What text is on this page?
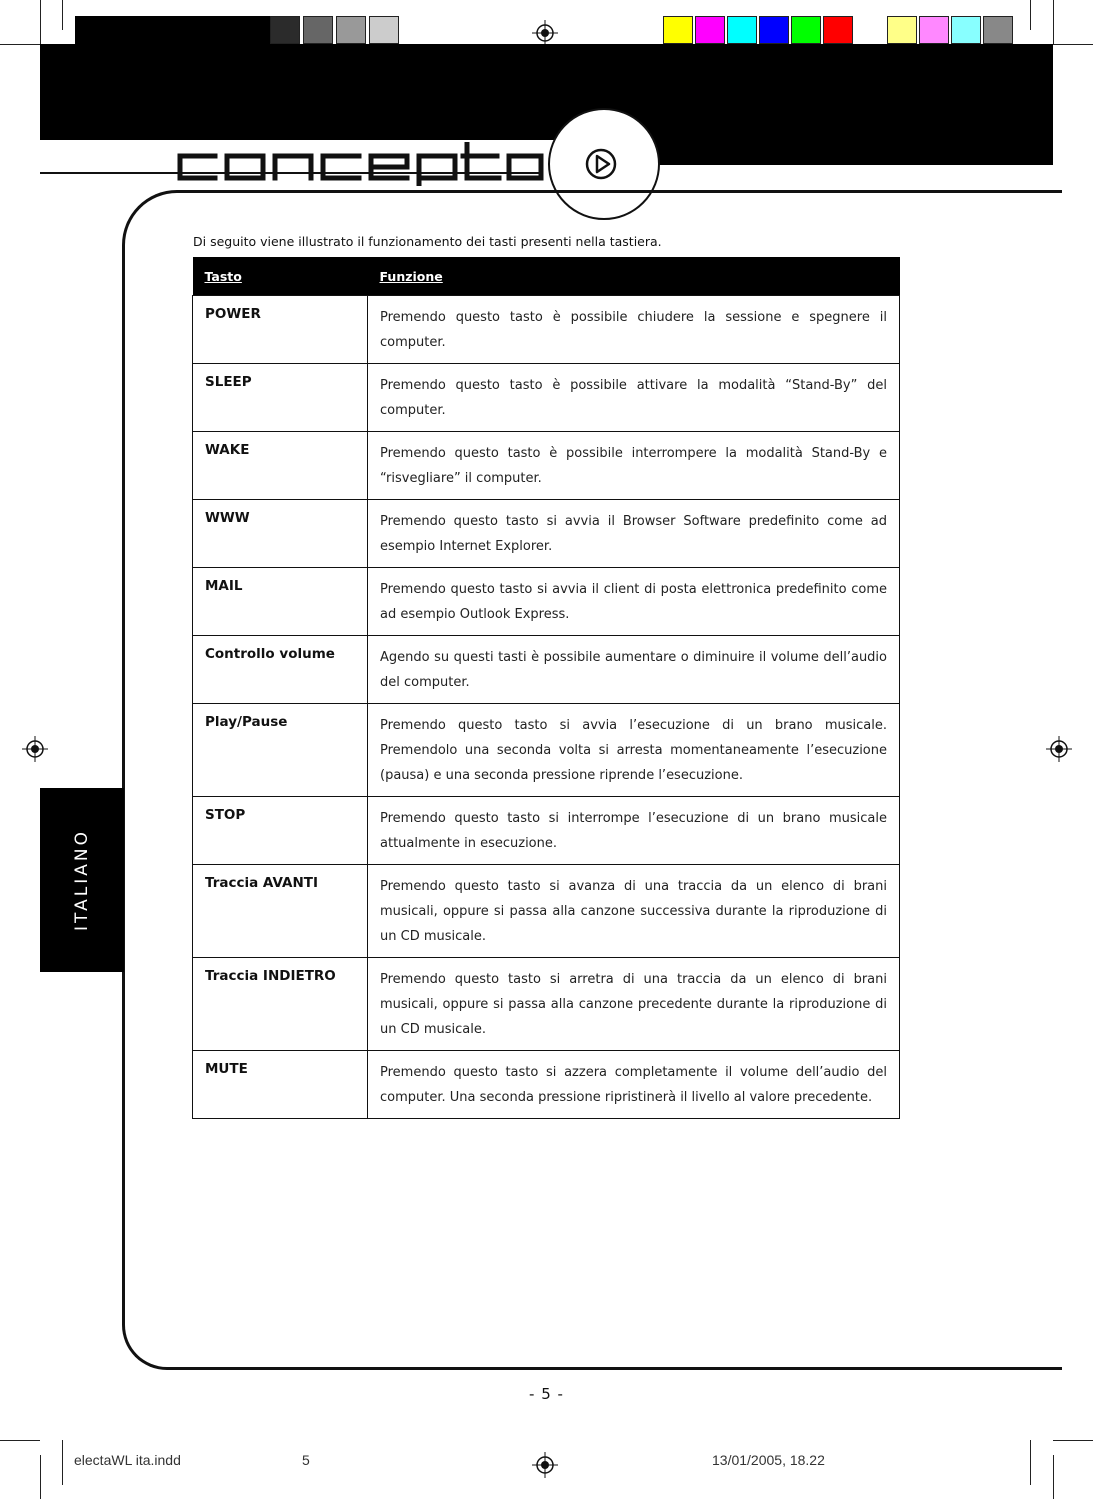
ITALIANO
Di seguito viene illustrato il funzionamento dei tasti presenti nella tastiera.
Tasto	Funzione
POWER	Premendo questo tasto è possibile chiudere la sessione e spegnere il computer.
SLEEP	Premendo questo tasto è possibile attivare la modalità “Stand-By” del computer.
WAKE	Premendo questo tasto è possibile interrompere la modalità Stand-By e “risvegliare” il computer.
WWW	Premendo questo tasto si avvia il Browser Software predefinito come ad esempio Internet Explorer.
MAIL	Premendo questo tasto si avvia il client di posta elettronica predefinito come ad esempio Outlook Express.
Controllo volume	Agendo su questi tasti è possibile aumentare o diminuire il volume dell’audio del computer.
Play/Pause	Premendo questo tasto si avvia l’esecuzione di un brano musicale. Premendolo una seconda volta si arresta momentaneamente l’esecuzione (pausa) e una seconda pressione riprende l’esecuzione.
STOP	Premendo questo tasto si interrompe l’esecuzione di un brano musicale attualmente in esecuzione.
Traccia AVANTI	Premendo questo tasto si avanza di una traccia da un elenco di brani musicali, oppure si passa alla canzone successiva durante la riproduzione di un CD musicale.
Traccia INDIETRO	Premendo questo tasto si arretra di una traccia da un elenco di brani musicali, oppure si passa alla canzone precedente durante la riproduzione di un CD musicale.
MUTE	Premendo questo tasto si azzera completamente il volume dell’audio del computer. Una seconda pressione ripristinerà il livello al valore precedente.
- 5 -
electaWL ita.indd	5	13/01/2005, 18.22
